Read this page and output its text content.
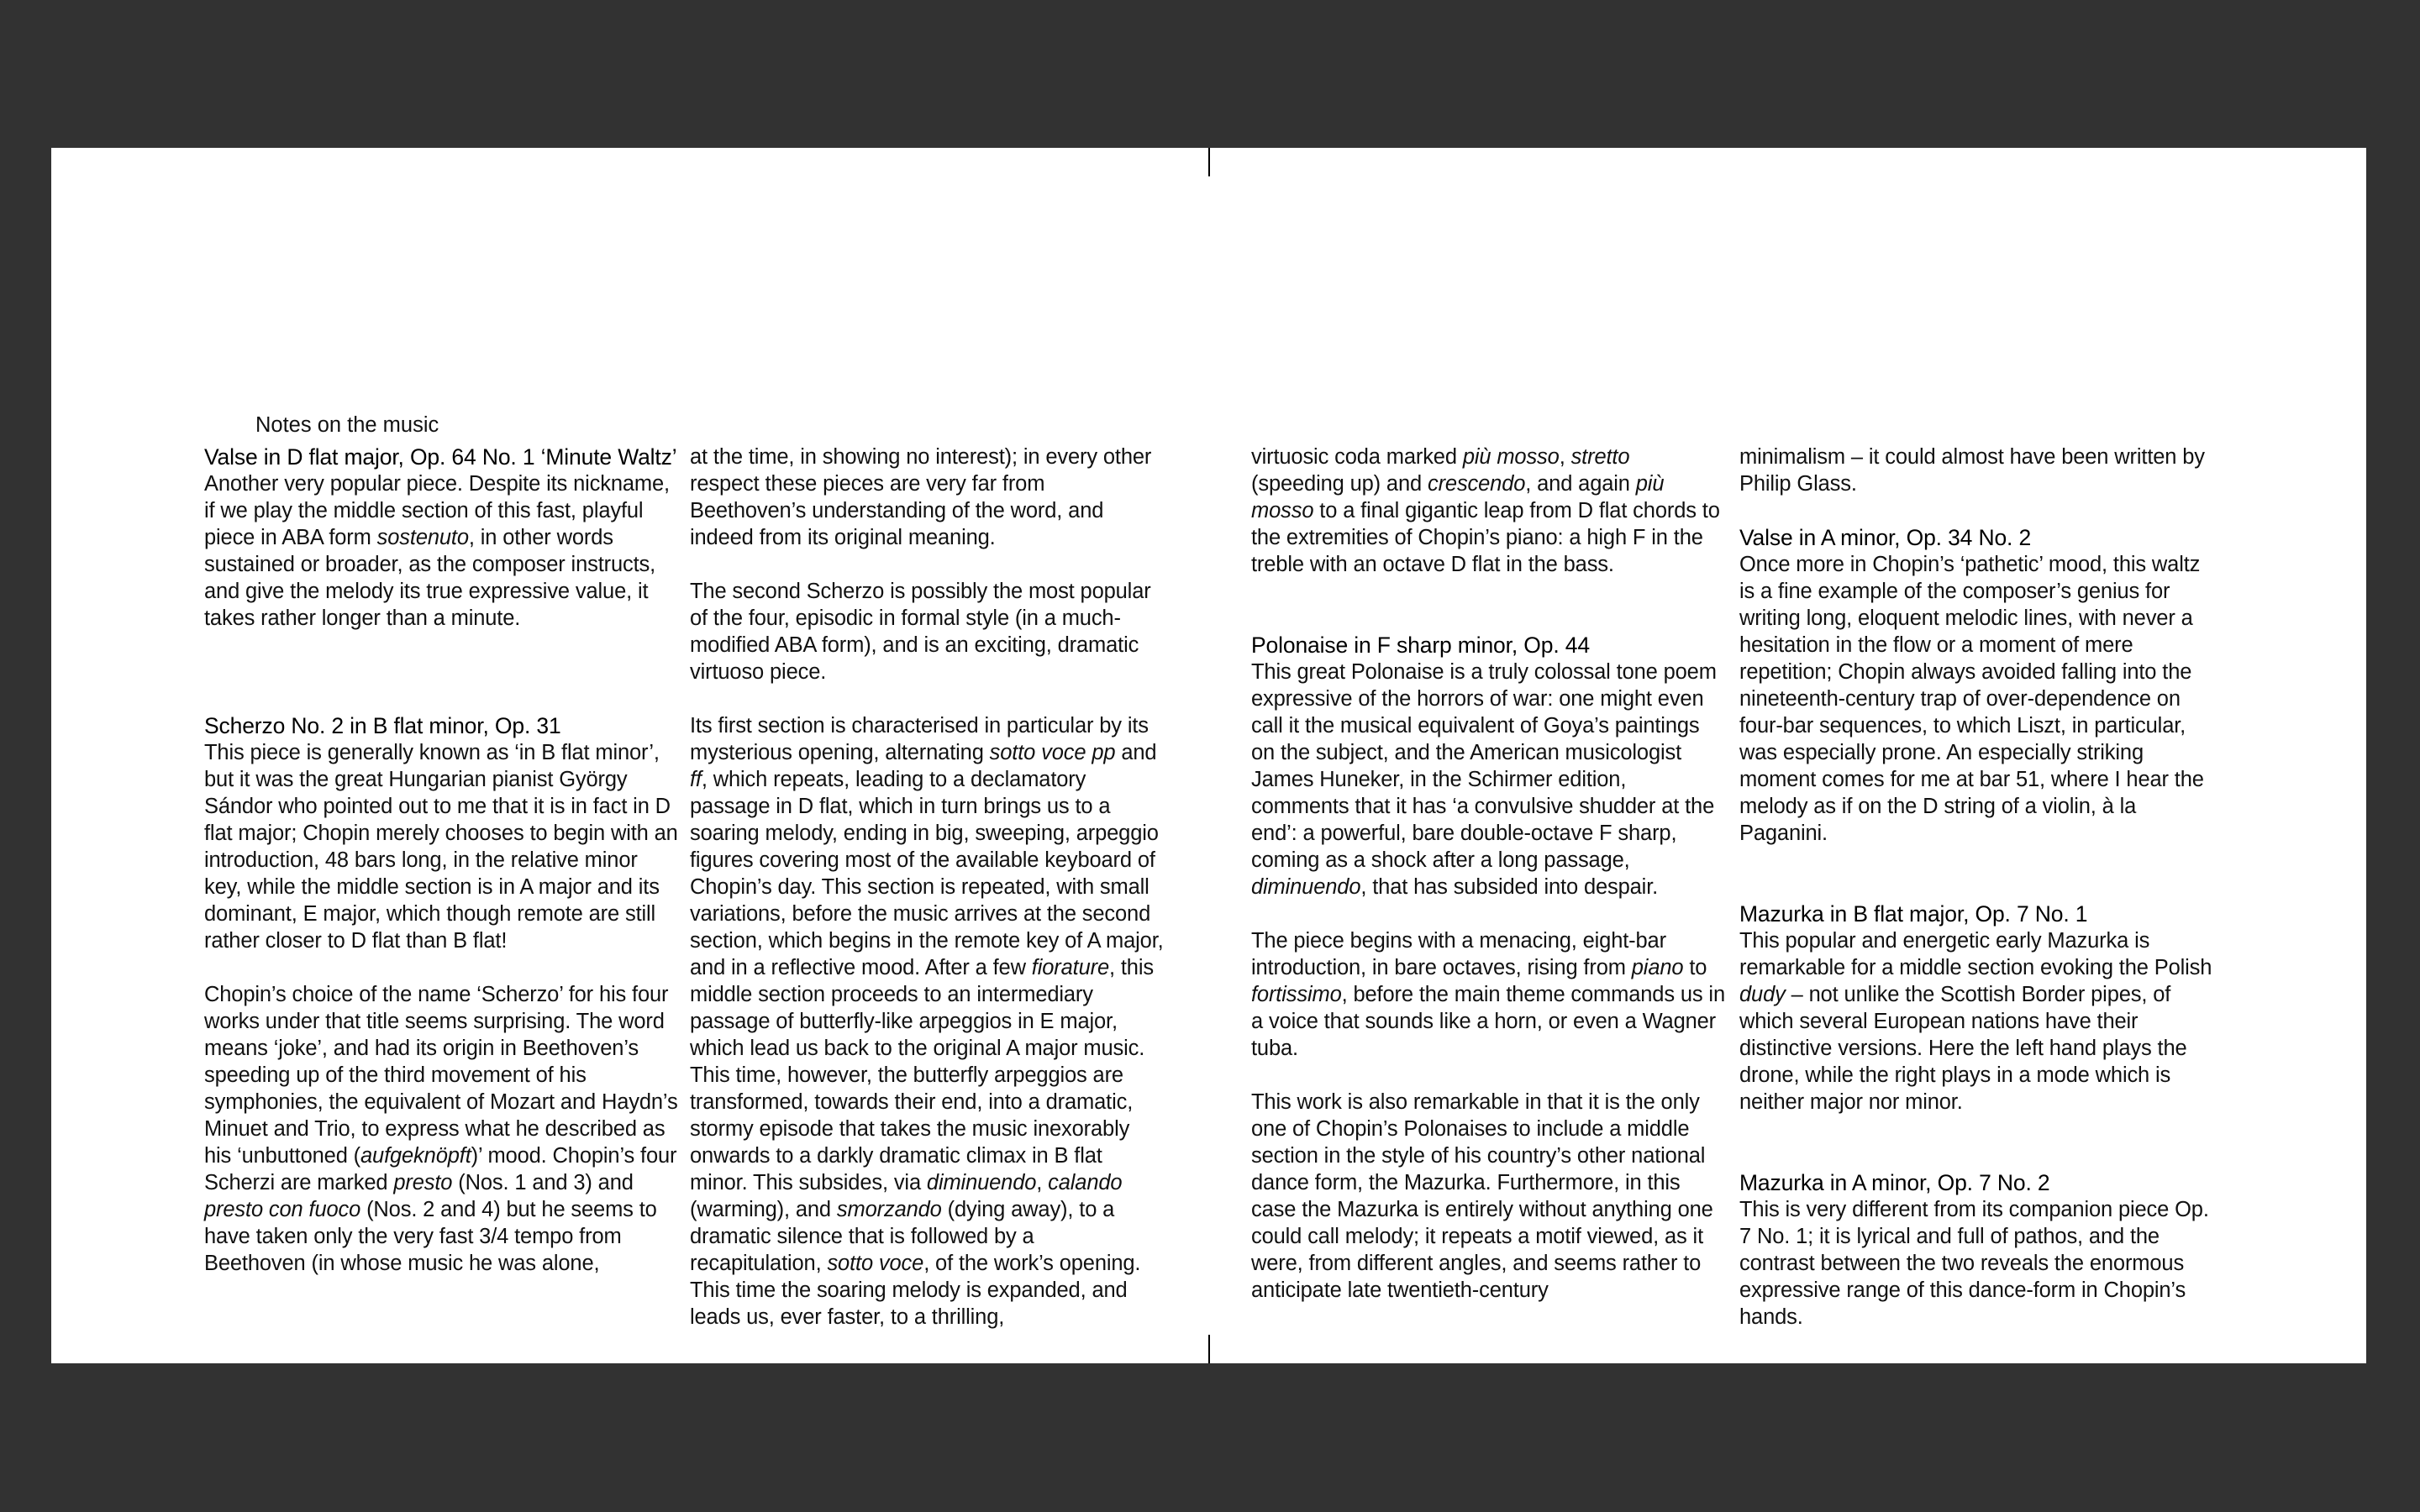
Notes on the music
Valse in D flat major, Op. 64 No. 1 ‘Minute Waltz’

Another very popular piece. Despite its nickname, if we play the middle section of this fast, playful piece in ABA form sostenuto, in other words sustained or broader, as the composer instructs, and give the melody its true expressive value, it takes rather longer than a minute.

Scherzo No. 2 in B flat minor, Op. 31

This piece is generally known as ‘in B flat minor’, but it was the great Hungarian pianist György Sándor who pointed out to me that it is in fact in D flat major; Chopin merely chooses to begin with an introduction, 48 bars long, in the relative minor key, while the middle section is in A major and its dominant, E major, which though remote are still rather closer to D flat than B flat!

Chopin’s choice of the name ‘Scherzo’ for his four works under that title seems surprising. The word means ‘joke’, and had its origin in Beethoven’s speeding up of the third movement of his symphonies, the equivalent of Mozart and Haydn’s Minuet and Trio, to express what he described as his ‘unbuttoned (aufgeknöpft)’ mood. Chopin’s four Scherzi are marked presto (Nos. 1 and 3) and presto con fuoco (Nos. 2 and 4) but he seems to have taken only the very fast 3/4 tempo from Beethoven (in whose music he was alone,

at the time, in showing no interest); in every other respect these pieces are very far from Beethoven’s understanding of the word, and indeed from its original meaning.

The second Scherzo is possibly the most popular of the four, episodic in formal style (in a much-modified ABA form), and is an exciting, dramatic virtuoso piece.

Its first section is characterised in particular by its mysterious opening, alternating sotto voce pp and ff, which repeats, leading to a declamatory passage in D flat, which in turn brings us to a soaring melody, ending in big, sweeping, arpeggio figures covering most of the available keyboard of Chopin’s day. This section is repeated, with small variations, before the music arrives at the second section, which begins in the remote key of A major, and in a reflective mood. After a few fiorature, this middle section proceeds to an intermediary passage of butterfly-like arpeggios in E major, which lead us back to the original A major music. This time, however, the butterfly arpeggios are transformed, towards their end, into a dramatic, stormy episode that takes the music inexorably onwards to a darkly dramatic climax in B flat minor. This subsides, via diminuendo, calando (warming), and smorzando (dying away), to a dramatic silence that is followed by a recapitulation, sotto voce, of the work’s opening. This time the soaring melody is expanded, and leads us, ever faster, to a thrilling,

virtuosic coda marked più mosso, stretto (speeding up) and crescendo, and again più mosso to a final gigantic leap from D flat chords to the extremities of Chopin’s piano: a high F in the treble with an octave D flat in the bass.

Polonaise in F sharp minor, Op. 44

This great Polonaise is a truly colossal tone poem expressive of the horrors of war: one might even call it the musical equivalent of Goya’s paintings on the subject, and the American musicologist James Huneker, in the Schirmer edition, comments that it has ‘a convulsive shudder at the end’: a powerful, bare double-octave F sharp, coming as a shock after a long passage, diminuendo, that has subsided into despair.

The piece begins with a menacing, eight-bar introduction, in bare octaves, rising from piano to fortissimo, before the main theme commands us in a voice that sounds like a horn, or even a Wagner tuba.

This work is also remarkable in that it is the only one of Chopin’s Polonaises to include a middle section in the style of his country’s other national dance form, the Mazurka. Furthermore, in this case the Mazurka is entirely without anything one could call melody; it repeats a motif viewed, as it were, from different angles, and seems rather to anticipate late twentieth-century

minimalism – it could almost have been written by Philip Glass.

Valse in A minor, Op. 34 No. 2

Once more in Chopin’s ‘pathetic’ mood, this waltz is a fine example of the composer’s genius for writing long, eloquent melodic lines, with never a hesitation in the flow or a moment of mere repetition; Chopin always avoided falling into the nineteenth-century trap of over-dependence on four-bar sequences, to which Liszt, in particular, was especially prone. An especially striking moment comes for me at bar 51, where I hear the melody as if on the D string of a violin, à la Paganini.

Mazurka in B flat major, Op. 7 No. 1

This popular and energetic early Mazurka is remarkable for a middle section evoking the Polish dudy – not unlike the Scottish Border pipes, of which several European nations have their distinctive versions. Here the left hand plays the drone, while the right plays in a mode which is neither major nor minor.

Mazurka in A minor, Op. 7 No. 2

This is very different from its companion piece Op. 7 No. 1; it is lyrical and full of pathos, and the contrast between the two reveals the enormous expressive range of this dance-form in Chopin’s hands.
